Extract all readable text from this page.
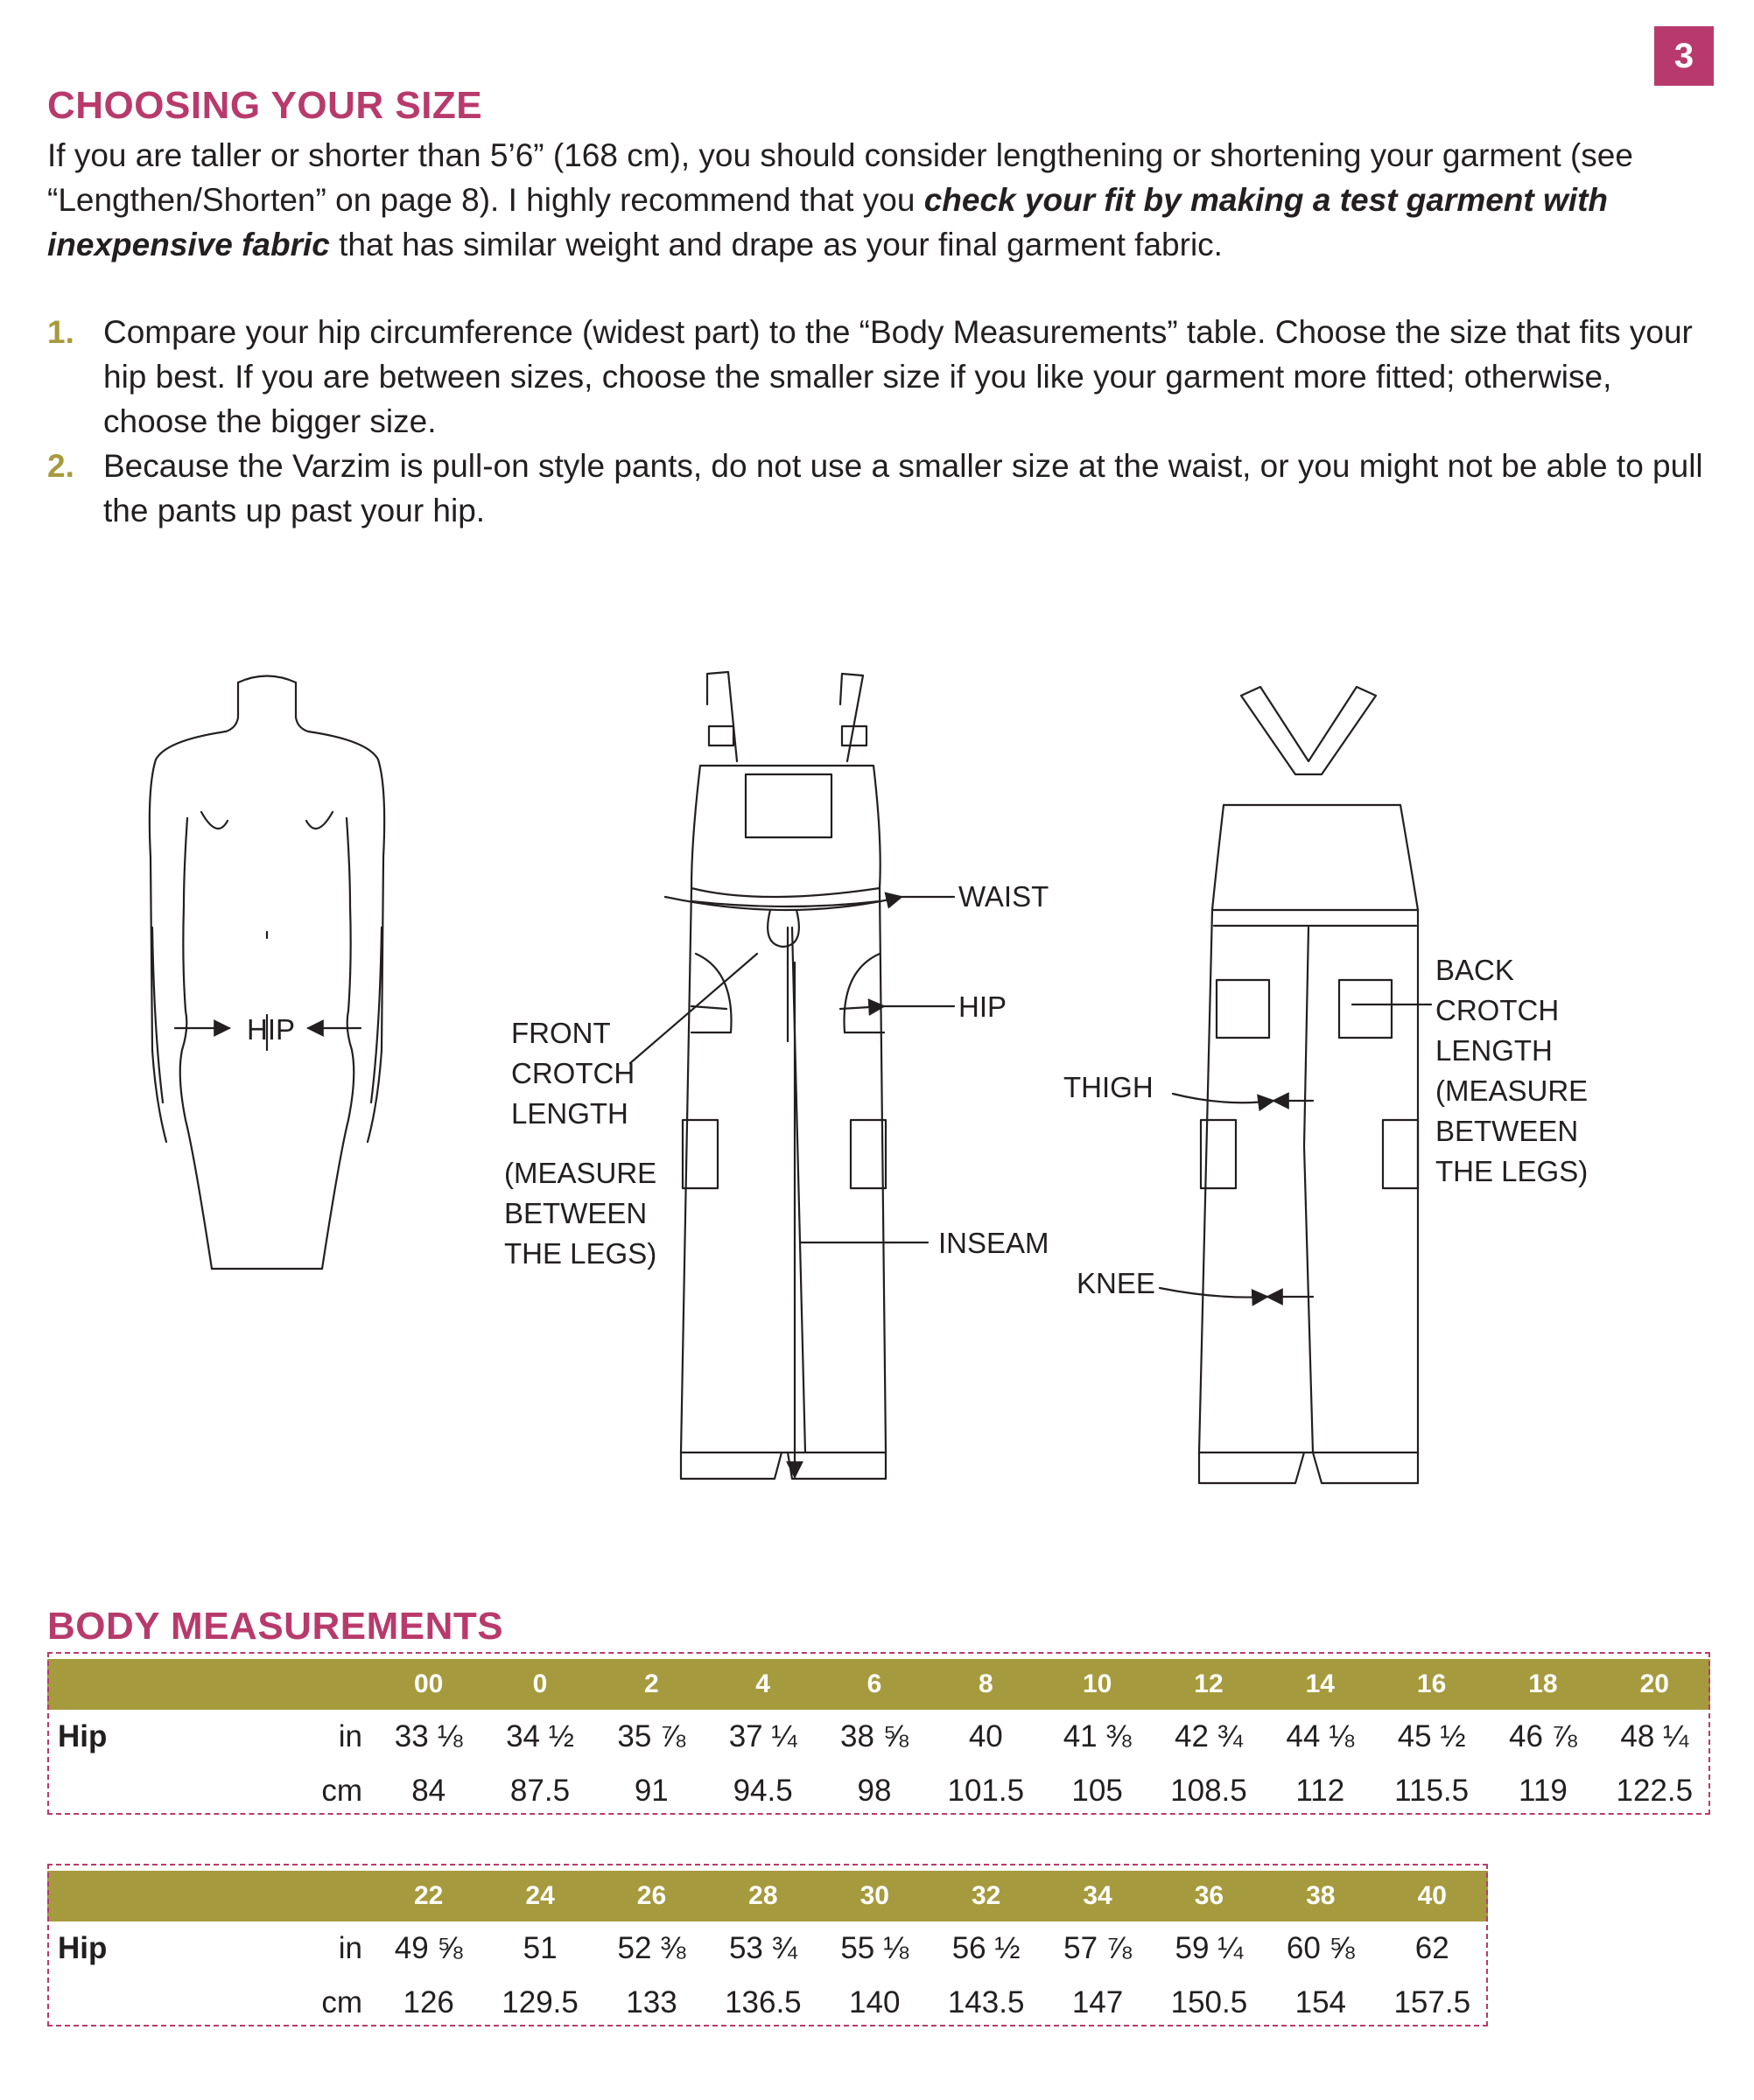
3
CHOOSING YOUR SIZE

If you are taller or shorter than 5’6” (168 cm), you should consider lengthening or shortening your garment (see “Lengthen/Shorten” on page 8). I highly recommend that you check your fit by making a test garment with inexpensive fabric that has similar weight and drape as your final garment fabric.

1. Compare your hip circumference (widest part) to the “Body Measurements” table. Choose the size that fits your hip best. If you are between sizes, choose the smaller size if you like your garment more fitted; otherwise, choose the bigger size.
2. Because the Varzim is pull-on style pants, do not use a smaller size at the waist, or you might not be able to pull the pants up past your hip.
HIP	FRONT CROTCH LENGTH
(MEASURE BETWEEN THE LEGS)
WAIST
HIP
INSEAM
THIGH
KNEE
BACK CROTCH LENGTH (MEASURE BETWEEN THE LEGS)
BODY MEASUREMENTS
		00	0	2	4	6	8	10	12	14	16	18	20
Hip	in	33 ⅛	34 ½	35 ⅞	37 ¼	38 ⅝	40	41 ⅜	42 ¾	44 ⅛	45 ½	46 ⅞	48 ¼
	cm	84	87.5	91	94.5	98	101.5	105	108.5	112	115.5	119	122.5
		22	24	26	28	30	32	34	36	38	40
Hip	in	49 ⅝	51	52 ⅜	53 ¾	55 ⅛	56 ½	57 ⅞	59 ¼	60 ⅝	62
	cm	126	129.5	133	136.5	140	143.5	147	150.5	154	157.5
